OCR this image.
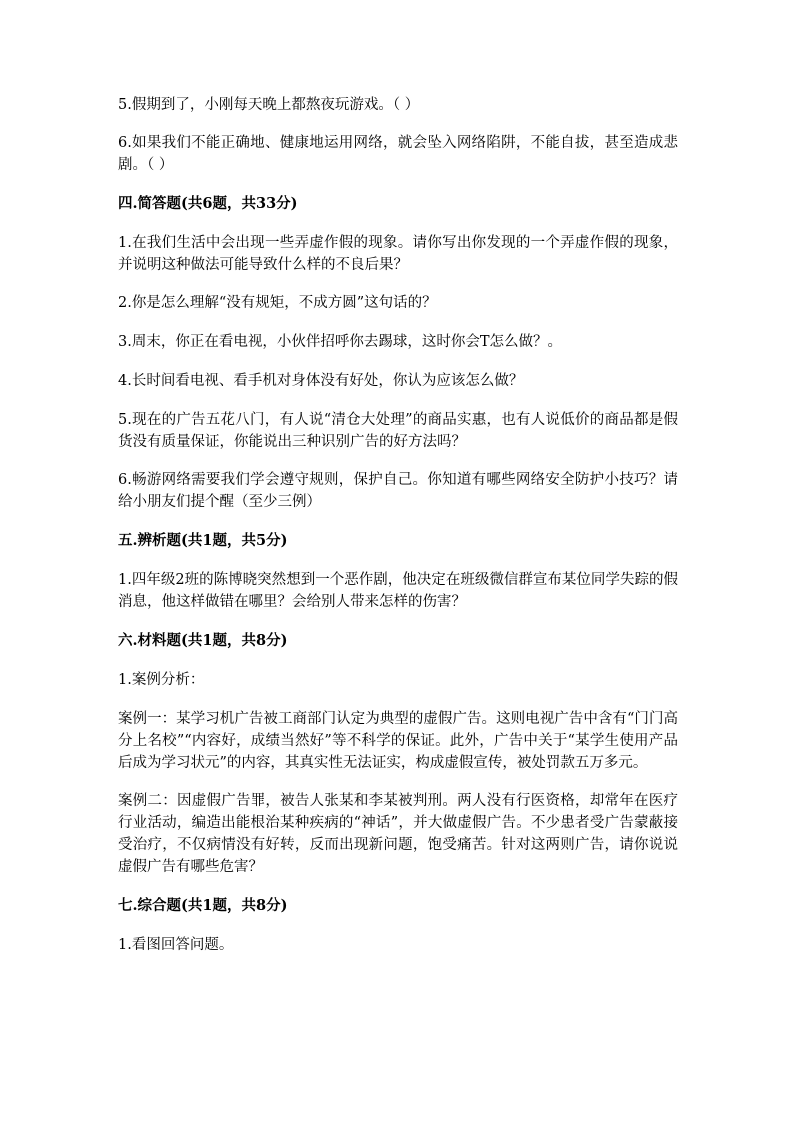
5.假期到了，小刚每天晚上都熬夜玩游戏。（ ）

6.如果我们不能正确地、健康地运用网络，就会坠入网络陷阱，不能自拔，甚至造成悲剧。（ ）

四.简答题(共6题，共33分)

1.在我们生活中会出现一些弄虚作假的现象。请你写出你发现的一个弄虚作假的现象，并说明这种做法可能导致什么样的不良后果？

2.你是怎么理解“没有规矩，不成方圆”这句话的？

3.周末，你正在看电视，小伙伴招呼你去踢球，这时你会T怎么做？。

4.长时间看电视、看手机对身体没有好处，你认为应该怎么做？

5.现在的广告五花八门，有人说“清仓大处理”的商品实惠，也有人说低价的商品都是假货没有质量保证，你能说出三种识别广告的好方法吗？

6.畅游网络需要我们学会遵守规则，保护自己。你知道有哪些网络安全防护小技巧？请给小朋友们提个醒（至少三例）

五.辨析题(共1题，共5分)

1.四年级2班的陈博晓突然想到一个恶作剧，他决定在班级微信群宣布某位同学失踪的假消息，他这样做错在哪里？会给别人带来怎样的伤害？

六.材料题(共1题，共8分)

1.案例分析：

案例一：某学习机广告被工商部门认定为典型的虚假广告。这则电视广告中含有“门门高分上名校”“内容好，成绩当然好”等不科学的保证。此外，广告中关于“某学生使用产品后成为学习状元”的内容，其真实性无法证实，构成虚假宣传，被处罚款五万多元。

案例二：因虚假广告罪，被告人张某和李某被判刑。两人没有行医资格，却常年在医疗行业活动，编造出能根治某种疾病的“神话”，并大做虚假广告。不少患者受广告蒙蔽接受治疗，不仅病情没有好转，反而出现新问题，饱受痛苦。针对这两则广告，请你说说虚假广告有哪些危害？

七.综合题(共1题，共8分)

1.看图回答问题。
